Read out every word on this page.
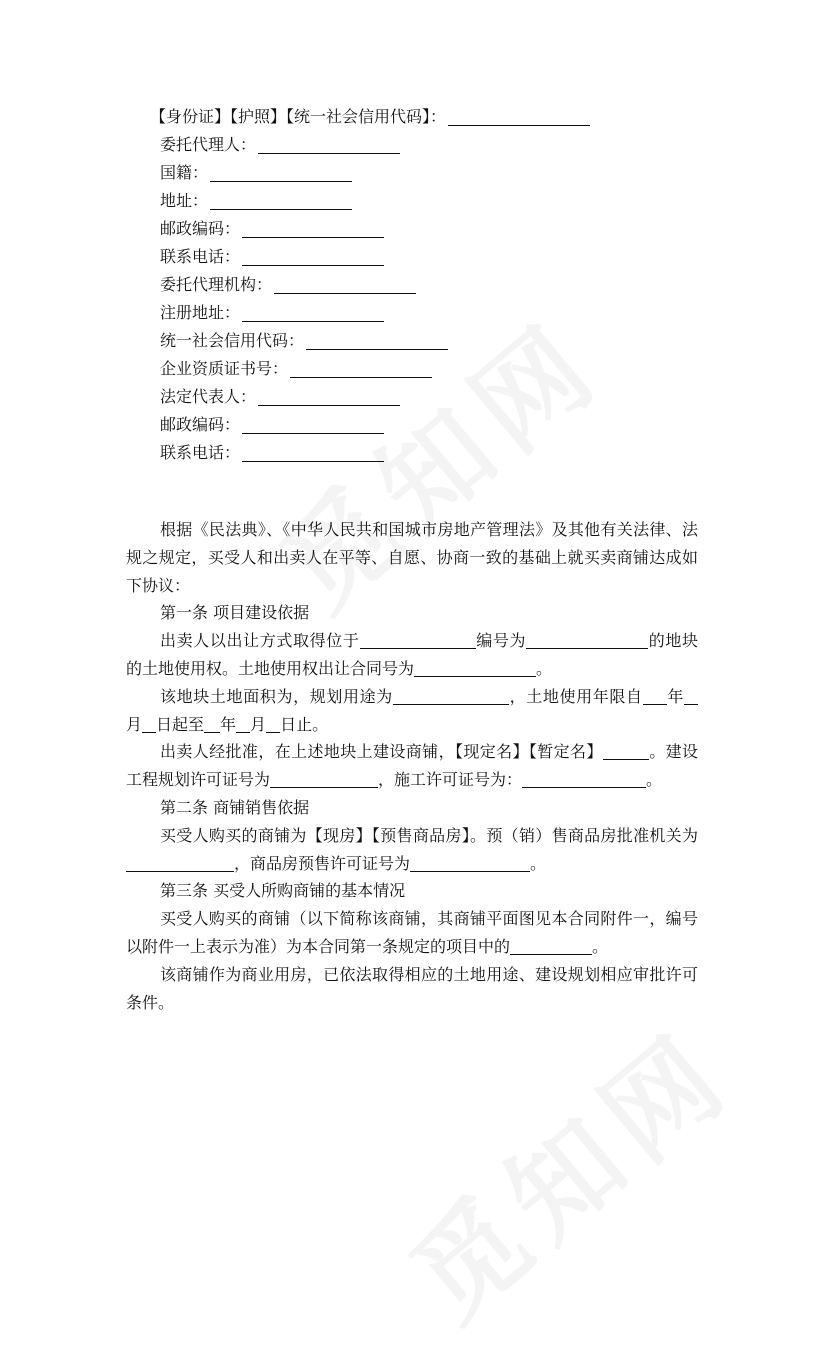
【身份证】【护照】【统一社会信用代码】：
委托代理人：
国籍：
地址：
邮政编码：
联系电话：
委托代理机构：
注册地址：
统一社会信用代码：
企业资质证书号：
法定代表人：
邮政编码：
联系电话：

根据《民法典》、《中华人民共和国城市房地产管理法》及其他有关法律、法规之规定，买受人和出卖人在平等、自愿、协商一致的基础上就买卖商铺达成如下协议：

第一条 项目建设依据

出卖人以出让方式取得位于	编号为	的地块的土地使用权。土地使用权出让合同号为	。

该地块土地面积为，规划用途为	，土地使用年限自 年月 日起至 年 月 日止。

出卖人经批准，在上述地块上建设商铺，【现定名】【暂定名】	。建设工程规划许可证号为	，施工许可证号为：	。

第二条 商铺销售依据

买受人购买的商铺为【现房】【预售商品房】。预（销）售商品房批准机关为，商品房预售许可证号为	。

第三条 买受人所购商铺的基本情况

买受人购买的商铺（以下简称该商铺，其商铺平面图见本合同附件一，编号以附件一上表示为准）为本合同第一条规定的项目中的	。

该商铺作为商业用房，已依法取得相应的土地用途、建设规划相应审批许可条件。
